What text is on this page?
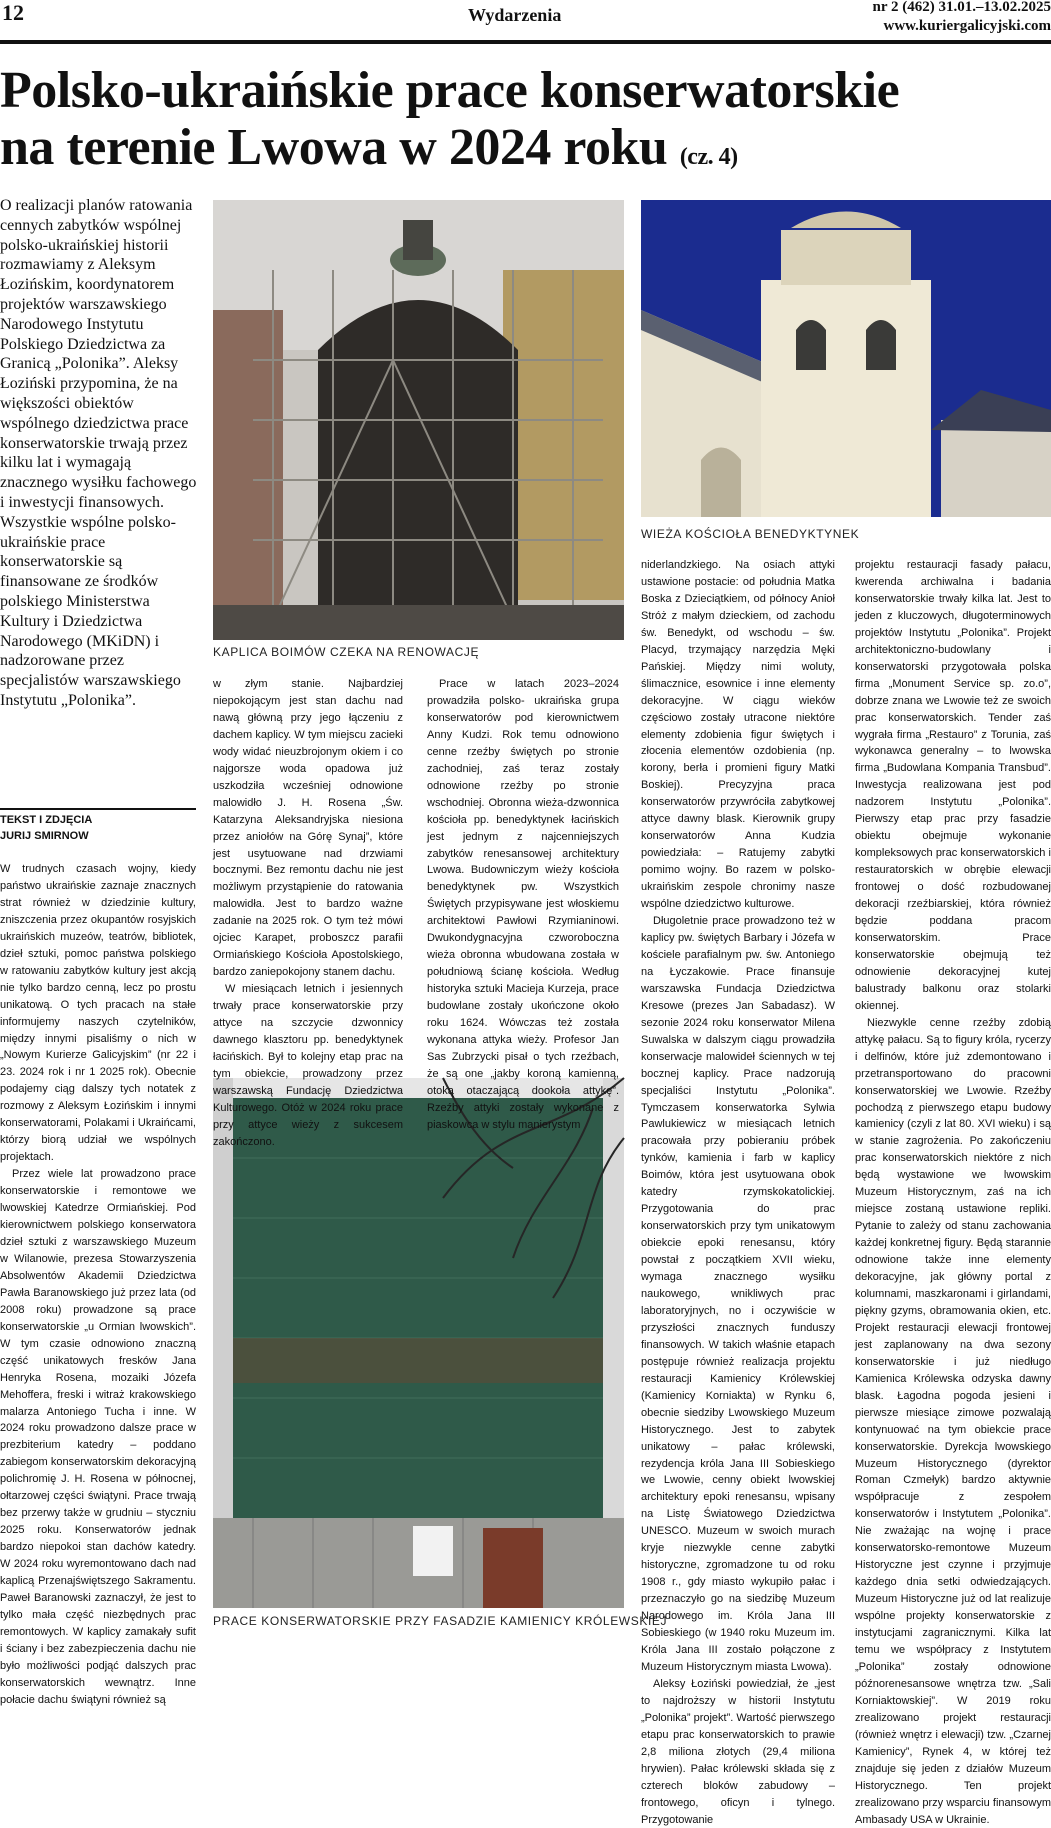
12	Wydarzenia	nr 2 (462) 31.01.–13.02.2025
www.kuriergalicyjski.com
Polsko-ukraińskie prace konserwatorskie
na terenie Lwowa w 2024 roku (cz. 4)
O realizacji planów ratowania cennych zabytków wspólnej polsko-ukraińskiej historii rozmawiamy z Aleksym Łozińskim, koordynatorem projektów warszawskiego Narodowego Instytutu Polskiego Dziedzictwa za Granicą „Polonika”. Aleksy Łoziński przypomina, że na większości obiektów wspólnego dziedzictwa prace konserwatorskie trwają przez kilku lat i wymagają znacznego wysiłku fachowego i inwestycji finansowych. Wszystkie wspólne polsko-ukraińskie prace konserwatorskie są finansowane ze środków polskiego Ministerstwa Kultury i Dziedzictwa Narodowego (MKiDN) i nadzorowane przez specjalistów warszawskiego Instytutu „Polonika”.
TEKST I ZDJĘCIA
JURIJ SMIRNOW
KAPLICA BOIMÓW CZEKA NA RENOWACJĘ
WIEŻA KOŚCIOŁA BENEDYKTYNEK
PRACE KONSERWATORSKIE PRZY FASADZIE KAMIENICY KRÓLEWSKIEJ

W trudnych czasach wojny, kiedy państwo ukraińskie zaznaje znacznych strat również w dziedzinie kultury, zniszczenia przez okupantów rosyjskich ukraińskich muzeów, teatrów, bibliotek, dzieł sztuki, pomoc państwa polskiego w ratowaniu zabytków kultury jest akcją nie tylko bardzo cenną, lecz po prostu unikatową. O tych pracach na stałe informujemy naszych czytelników, między innymi pisaliśmy o nich w „Nowym Kurierze Galicyjskim” (nr 22 i 23. 2024 rok i nr 1 2025 rok). Obecnie podajemy ciąg dalszy tych notatek z rozmowy z Aleksym Łozińskim i innymi konserwatorami, Polakami i Ukraińcami, którzy biorą udział we wspólnych projektach.

Przez wiele lat prowadzono prace konserwatorskie i remontowe we lwowskiej Katedrze Ormiańskiej. Pod kierownictwem polskiego konserwatora dzieł sztuki z warszawskiego Muzeum w Wilanowie, prezesa Stowarzyszenia Absolwentów Akademii Dziedzictwa Pawła Baranowskiego już przez lata (od 2008 roku) prowadzone są prace konserwatorskie „u Ormian lwowskich”. W tym czasie odnowiono znaczną część unikatowych fresków Jana Henryka Rosena, mozaiki Józefa Mehoffera, freski i witraż krakowskiego malarza Antoniego Tucha i inne. W 2024 roku prowadzono dalsze prace w prezbiterium katedry – poddano zabiegom konserwatorskim dekoracyjną polichromię J. H. Rosena w północnej, ołtarzowej części świątyni. Prace trwają bez przerwy także w grudniu – styczniu 2025 roku. Konserwatorów jednak bardzo niepokoi stan dachów katedry. W 2024 roku wyremontowano dach nad kaplicą Przenajświętszego Sakramentu. Paweł Baranowski zaznaczył, że jest to tylko mała część niezbędnych prac remontowych. W kaplicy zamakały sufit i ściany i bez zabezpieczenia dachu nie było możliwości podjąć dalszych prac konserwatorskich wewnątrz. Inne połacie dachu świątyni również są

w złym stanie. Najbardziej niepokojącym jest stan dachu nad nawą główną przy jego łączeniu z dachem kaplicy. W tym miejscu zacieki wody widać nieuzbrojonym okiem i co najgorsze woda opadowa już uszkodziła wcześniej odnowione malowidło J. H. Rosena „Św. Katarzyna Aleksandryjska niesiona przez aniołów na Górę Synaj”, które jest usytuowane nad drzwiami bocznymi. Bez remontu dachu nie jest możliwym przystąpienie do ratowania malowidła. Jest to bardzo ważne zadanie na 2025 rok. O tym też mówi ojciec Karapet, proboszcz parafii Ormiańskiego Kościoła Apostolskiego, bardzo zaniepokojony stanem dachu.

W miesiącach letnich i jesiennych trwały prace konserwatorskie przy attyce na szczycie dzwonnicy dawnego klasztoru pp. benedyktynek łacińskich. Był to kolejny etap prac na tym obiekcie, prowadzony przez warszawską Fundację Dziedzictwa Kulturowego. Otóż w 2024 roku prace przy attyce wieży z sukcesem zakończono.

Prace w latach 2023–2024 prowadziła polsko- ukraińska grupa konserwatorów pod kierownictwem Anny Kudzi. Rok temu odnowiono cenne rzeźby świętych po stronie zachodniej, zaś teraz zostały odnowione rzeźby po stronie wschodniej. Obronna wieża-dzwonnica kościoła pp. benedyktynek łacińskich jest jednym z najcenniejszych zabytków renesansowej architektury Lwowa. Budowniczym wieży kościoła benedyktynek pw. Wszystkich Świętych przypisywane jest włoskiemu architektowi Pawłowi Rzymianinowi. Dwukondygnacyjna czworoboczna wieża obronna wbudowana została w południową ścianę kościoła. Według historyka sztuki Macieja Kurzeja, prace budowlane zostały ukończone około roku 1624. Wówczas też została wykonana attyka wieży. Profesor Jan Sas Zubrzycki pisał o tych rzeźbach, że są one „jakby koroną kamienną, otoką otaczającą dookoła attykę”. Rzeźby attyki zostały wykonane z piaskowca w stylu manierystym

niderlandzkiego. Na osiach attyki ustawione postacie: od południa Matka Boska z Dzieciątkiem, od północy Anioł Stróż z małym dzieckiem, od zachodu św. Benedykt, od wschodu – św. Placyd, trzymający narzędzia Męki Pańskiej. Między nimi woluty, ślimacznice, esownice i inne elementy dekoracyjne. W ciągu wieków częściowo zostały utracone niektóre elementy zdobienia figur świętych i złocenia elementów ozdobienia (np. korony, berła i promieni figury Matki Boskiej). Precyzyjna praca konserwatorów przywróciła zabytkowej attyce dawny blask. Kierownik grupy konserwatorów Anna Kudzia powiedziała: – Ratujemy zabytki pomimo wojny. Bo razem w polsko-ukraińskim zespole chronimy nasze wspólne dziedzictwo kulturowe.

Długoletnie prace prowadzono też w kaplicy pw. świętych Barbary i Józefa w kościele parafialnym pw. św. Antoniego na Łyczakowie. Prace finansuje warszawska Fundacja Dziedzictwa Kresowe (prezes Jan Sabadasz). W sezonie 2024 roku konserwator Milena Suwalska w dalszym ciągu prowadziła konserwacje malowideł ściennych w tej bocznej kaplicy. Prace nadzorują specjaliści Instytutu „Polonika”. Tymczasem konserwatorka Sylwia Pawlukiewicz w miesiącach letnich pracowała przy pobieraniu próbek tynków, kamienia i farb w kaplicy Boimów, która jest usytuowana obok katedry rzymskokatolickiej. Przygotowania do prac konserwatorskich przy tym unikatowym obiekcie epoki renesansu, który powstał z początkiem XVII wieku, wymaga znacznego wysiłku naukowego, wnikliwych prac laboratoryjnych, no i oczywiście w przyszłości znacznych funduszy finansowych. W takich właśnie etapach postępuje również realizacja projektu restauracji Kamienicy Królewskiej (Kamienicy Korniakta) w Rynku 6, obecnie siedziby Lwowskiego Muzeum Historycznego. Jest to zabytek unikatowy – pałac królewski, rezydencja króla Jana III Sobieskiego we Lwowie, cenny obiekt lwowskiej architektury epoki renesansu, wpisany na Listę Światowego Dziedzictwa UNESCO. Muzeum w swoich murach kryje niezwykle cenne zabytki historyczne, zgromadzone tu od roku 1908 r., gdy miasto wykupiło pałac i przeznaczyło go na siedzibę Muzeum Narodowego im. Króla Jana III Sobieskiego (w 1940 roku Muzeum im. Króla Jana III zostało połączone z Muzeum Historycznym miasta Lwowa).

Aleksy Łoziński powiedział, że „jest to najdroższy w historii Instytutu „Polonika” projekt”. Wartość pierwszego etapu prac konserwatorskich to prawie 2,8 miliona złotych (29,4 miliona hrywien). Pałac królewski składa się z czterech bloków zabudowy – frontowego, oficyn i tylnego. Przygotowanie

projektu restauracji fasady pałacu, kwerenda archiwalna i badania konserwatorskie trwały kilka lat. Jest to jeden z kluczowych, długoterminowych projektów Instytutu „Polonika”. Projekt architektoniczno-budowlany i konserwatorski przygotowała polska firma „Monument Service sp. zo.o”, dobrze znana we Lwowie też ze swoich prac konserwatorskich. Tender zaś wygrała firma „Restauro” z Torunia, zaś wykonawca generalny – to lwowska firma „Budowlana Kompania Transbud”. Inwestycja realizowana jest pod nadzorem Instytutu „Polonika”. Pierwszy etap prac przy fasadzie obiektu obejmuje wykonanie kompleksowych prac konserwatorskich i restauratorskich w obrębie elewacji frontowej o dość rozbudowanej dekoracji rzeźbiarskiej, która również będzie poddana pracom konserwatorskim. Prace konserwatorskie obejmują też odnowienie dekoracyjnej kutej balustrady balkonu oraz stolarki okiennej.

Niezwykle cenne rzeźby zdobią attykę pałacu. Są to figury króla, rycerzy i delfinów, które już zdemontowano i przetransportowano do pracowni konserwatorskiej we Lwowie. Rzeźby pochodzą z pierwszego etapu budowy kamienicy (czyli z lat 80. XVI wieku) i są w stanie zagrożenia. Po zakończeniu prac konserwatorskich niektóre z nich będą wystawione we lwowskim Muzeum Historycznym, zaś na ich miejsce zostaną ustawione repliki. Pytanie to zależy od stanu zachowania każdej konkretnej figury. Będą starannie odnowione także inne elementy dekoracyjne, jak główny portal z kolumnami, maszkaronami i girlandami, piękny gzyms, obramowania okien, etc. Projekt restauracji elewacji frontowej jest zaplanowany na dwa sezony konserwatorskie i już niedługo Kamienica Królewska odzyska dawny blask. Łagodna pogoda jesieni i pierwsze miesiące zimowe pozwalają kontynuować na tym obiekcie prace konserwatorskie. Dyrekcja lwowskiego Muzeum Historycznego (dyrektor Roman Czmełyk) bardzo aktywnie współpracuje z zespołem konserwatorów i Instytutem „Polonika”. Nie zważając na wojnę i prace konserwatorsko-remontowe Muzeum Historyczne jest czynne i przyjmuje każdego dnia setki odwiedzających. Muzeum Historyczne już od lat realizuje wspólne projekty konserwatorskie z instytucjami zagranicznymi. Kilka lat temu we współpracy z Instytutem „Polonika” zostały odnowione późnorenesansowe wnętrza tzw. „Sali Korniaktowskiej”. W 2019 roku zrealizowano projekt restauracji (również wnętrz i elewacji) tzw. „Czarnej Kamienicy”, Rynek 4, w której też znajduje się jeden z działów Muzeum Historycznego. Ten projekt zrealizowano przy wsparciu finansowym Ambasady USA w Ukrainie.
